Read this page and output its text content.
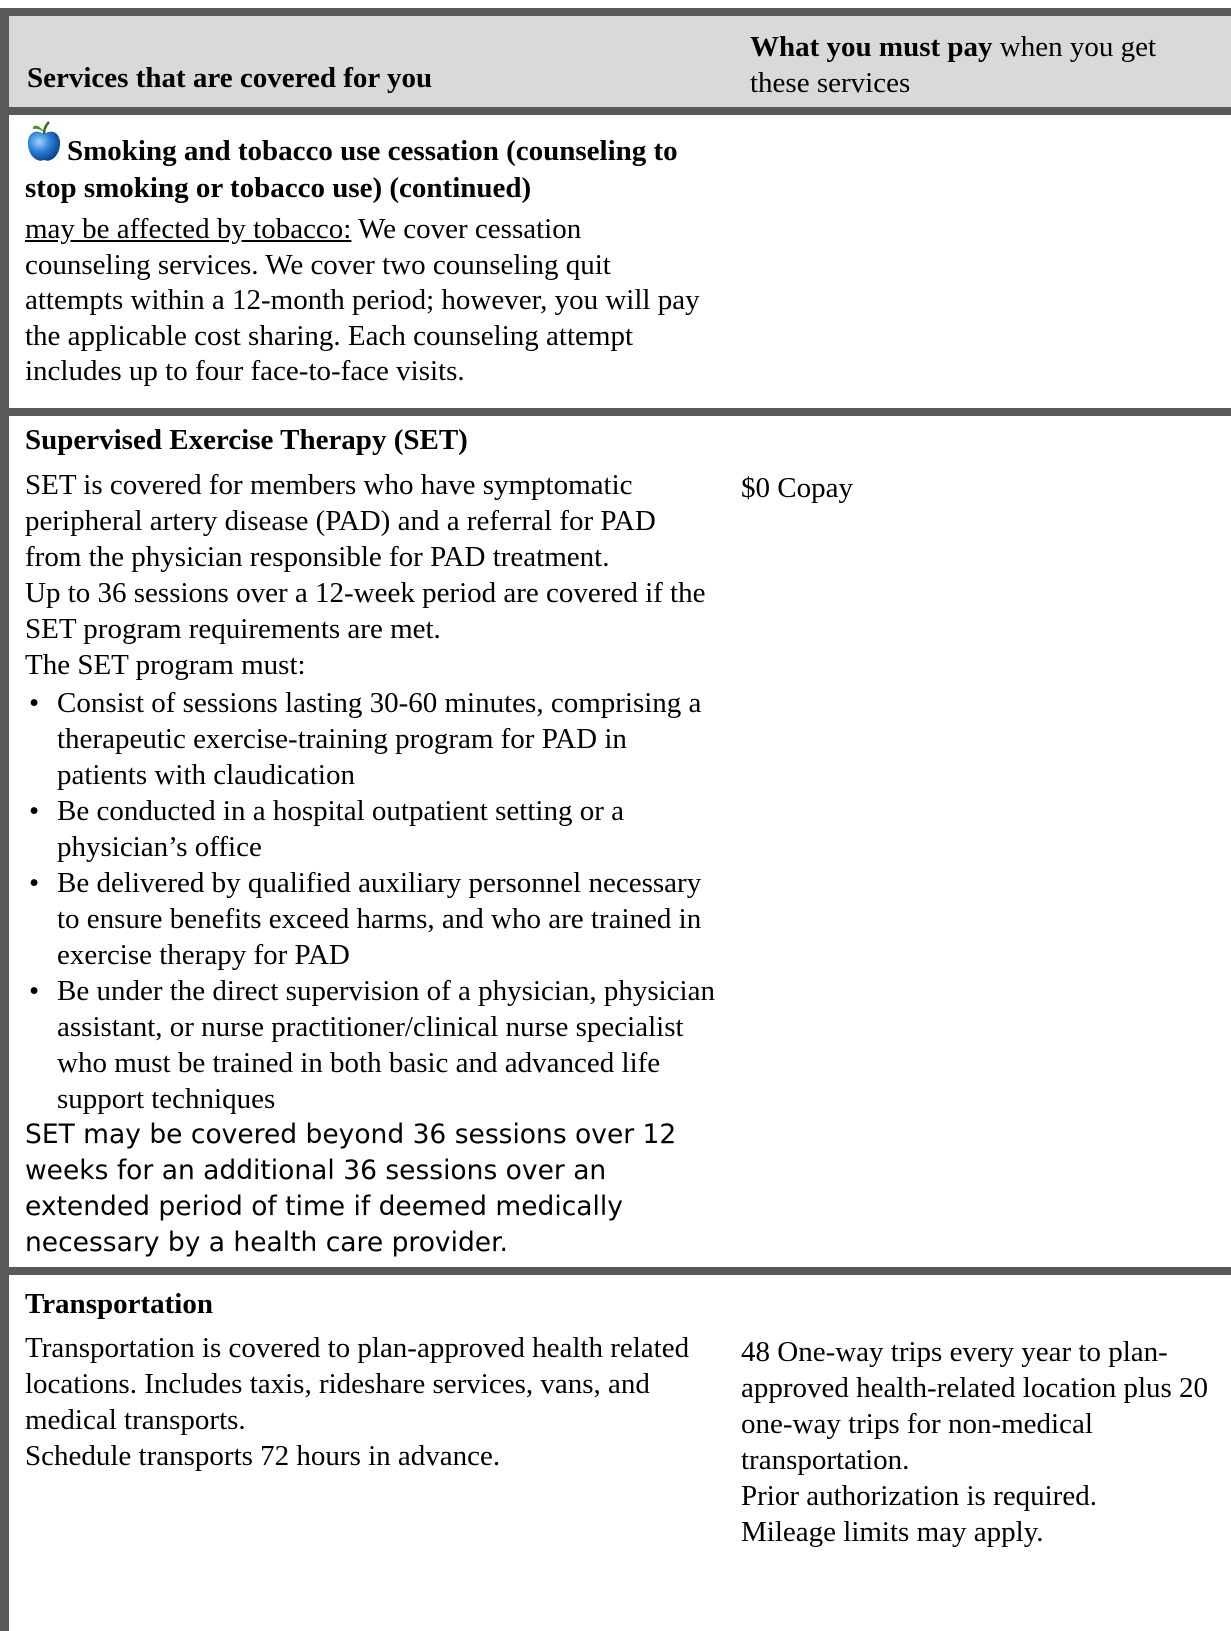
Services that are covered for you
What you must pay when you get these services
Smoking and tobacco use cessation (counseling to stop smoking or tobacco use) (continued)
may be affected by tobacco: We cover cessation counseling services. We cover two counseling quit attempts within a 12-month period; however, you will pay the applicable cost sharing. Each counseling attempt includes up to four face-to-face visits.
Supervised Exercise Therapy (SET)
SET is covered for members who have symptomatic peripheral artery disease (PAD) and a referral for PAD from the physician responsible for PAD treatment.
Up to 36 sessions over a 12-week period are covered if the SET program requirements are met.
The SET program must:
• Consist of sessions lasting 30-60 minutes, comprising a therapeutic exercise-training program for PAD in patients with claudication
• Be conducted in a hospital outpatient setting or a physician’s office
• Be delivered by qualified auxiliary personnel necessary to ensure benefits exceed harms, and who are trained in exercise therapy for PAD
• Be under the direct supervision of a physician, physician assistant, or nurse practitioner/clinical nurse specialist who must be trained in both basic and advanced life support techniques
SET may be covered beyond 36 sessions over 12 weeks for an additional 36 sessions over an extended period of time if deemed medically necessary by a health care provider.
$0 Copay
Transportation
Transportation is covered to plan-approved health related locations. Includes taxis, rideshare services, vans, and medical transports.
Schedule transports 72 hours in advance.
48 One-way trips every year to plan-approved health-related location plus 20 one-way trips for non-medical transportation.
Prior authorization is required.
Mileage limits may apply.
